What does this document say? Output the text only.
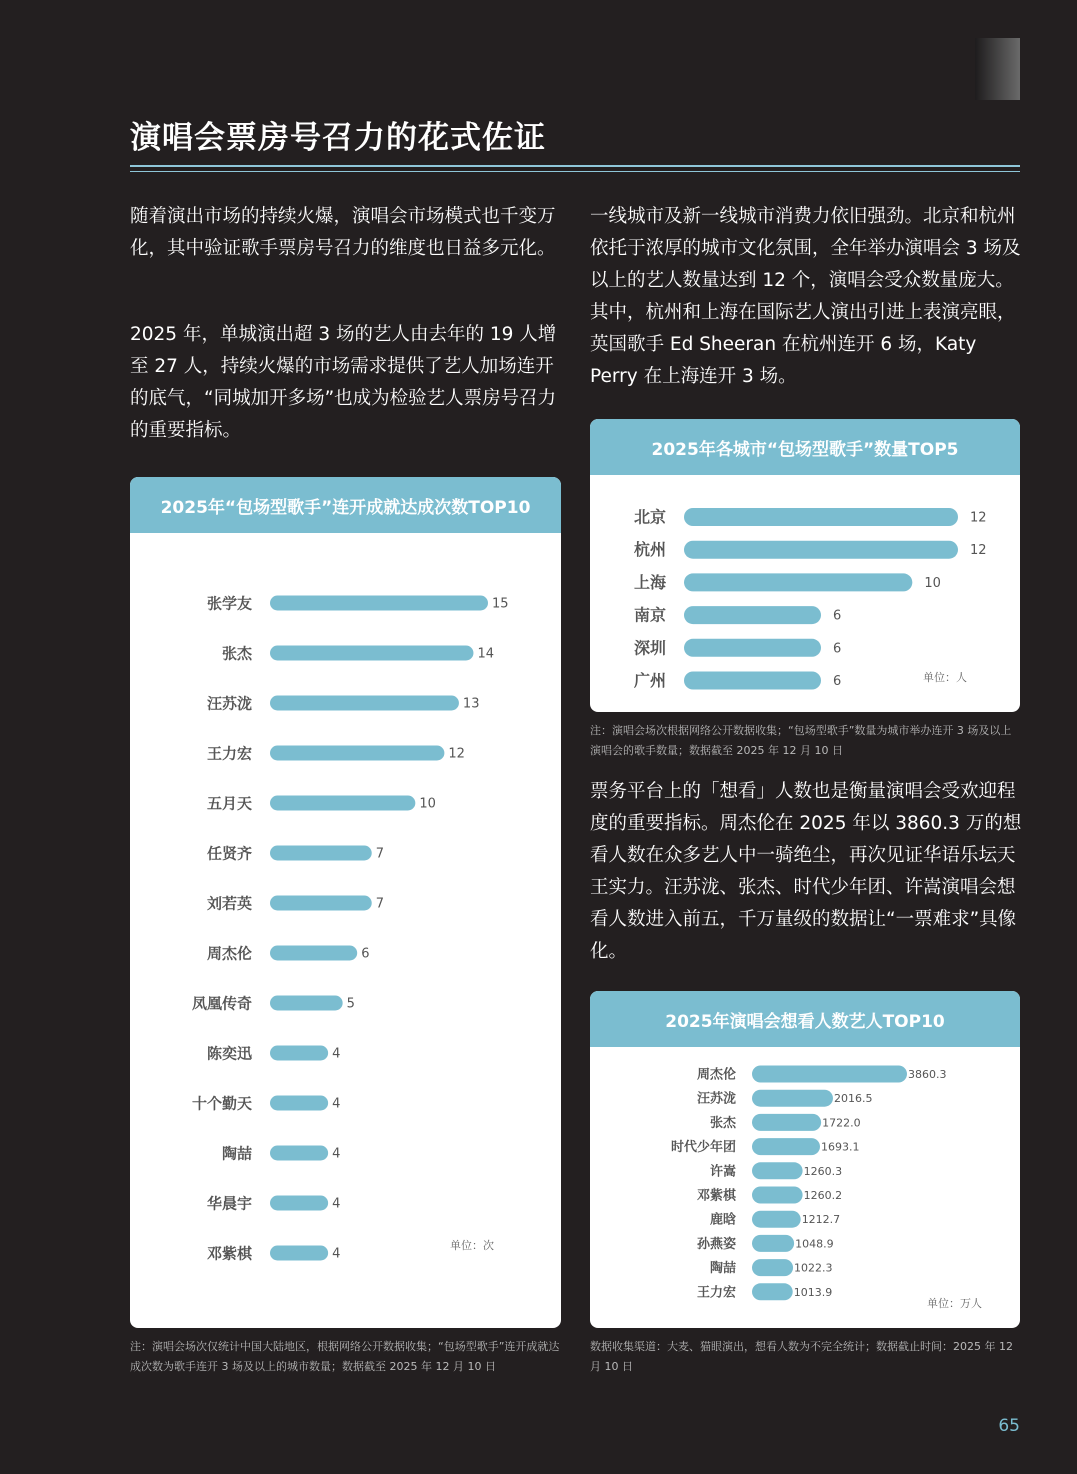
演唱会票房号召力的花式佐证

随着演出市场的持续火爆，演唱会市场模式也千变万化，其中验证歌手票房号召力的维度也日益多元化。

2025 年，单城演出超 3 场的艺人由去年的 19 人增至 27 人，持续火爆的市场需求提供了艺人加场连开的底气，“同城加开多场”也成为检验艺人票房号召力的重要指标。

一线城市及新一线城市消费力依旧强劲。北京和杭州依托于浓厚的城市文化氛围，全年举办演唱会 3 场及以上的艺人数量达到 12 个，演唱会受众数量庞大。其中，杭州和上海在国际艺人演出引进上表演亮眼，英国歌手 Ed Sheeran 在杭州连开 6 场，Katy Perry 在上海连开 3 场。

票务平台上的「想看」人数也是衡量演唱会受欢迎程度的重要指标。周杰伦在 2025 年以 3860.3 万的想看人数在众多艺人中一骑绝尘，再次见证华语乐坛天王实力。汪苏泷、张杰、时代少年团、许嵩演唱会想看人数进入前五，千万量级的数据让“一票难求”具像化。

2025年“包场型歌手”连开成就达成次数TOP10
张学友	15
张杰	14
汪苏泷	13
王力宏	12
五月天	10
任贤齐	7
刘若英	7
周杰伦	6
凤凰传奇	5
陈奕迅	4
十个勤天	4
陶喆	4
华晨宇	4
邓紫棋	4
单位：次

注：演唱会场次仅统计中国大陆地区，根据网络公开数据收集；“包场型歌手”连开成就达成次数为歌手连开 3 场及以上的城市数量；数据截至 2025 年 12 月 10 日

2025年各城市“包场型歌手”数量TOP5
北京	12
杭州	12
上海	10
南京	6
深圳	6
广州	6	单位：人

注：演唱会场次根据网络公开数据收集；“包场型歌手”数量为城市举办连开 3 场及以上演唱会的歌手数量；数据截至 2025 年 12 月 10 日

2025年演唱会想看人数艺人TOP10
周杰伦	3860.3
汪苏泷	2016.5
张杰	1722.0
时代少年团	1693.1
许嵩	1260.3
邓紫棋	1260.2
鹿晗	1212.7
孙燕姿	1048.9
陶喆	1022.3
王力宏	1013.9
单位：万人

数据收集渠道：大麦、猫眼演出，想看人数为不完全统计；数据截止时间：2025 年 12 月 10 日

65
